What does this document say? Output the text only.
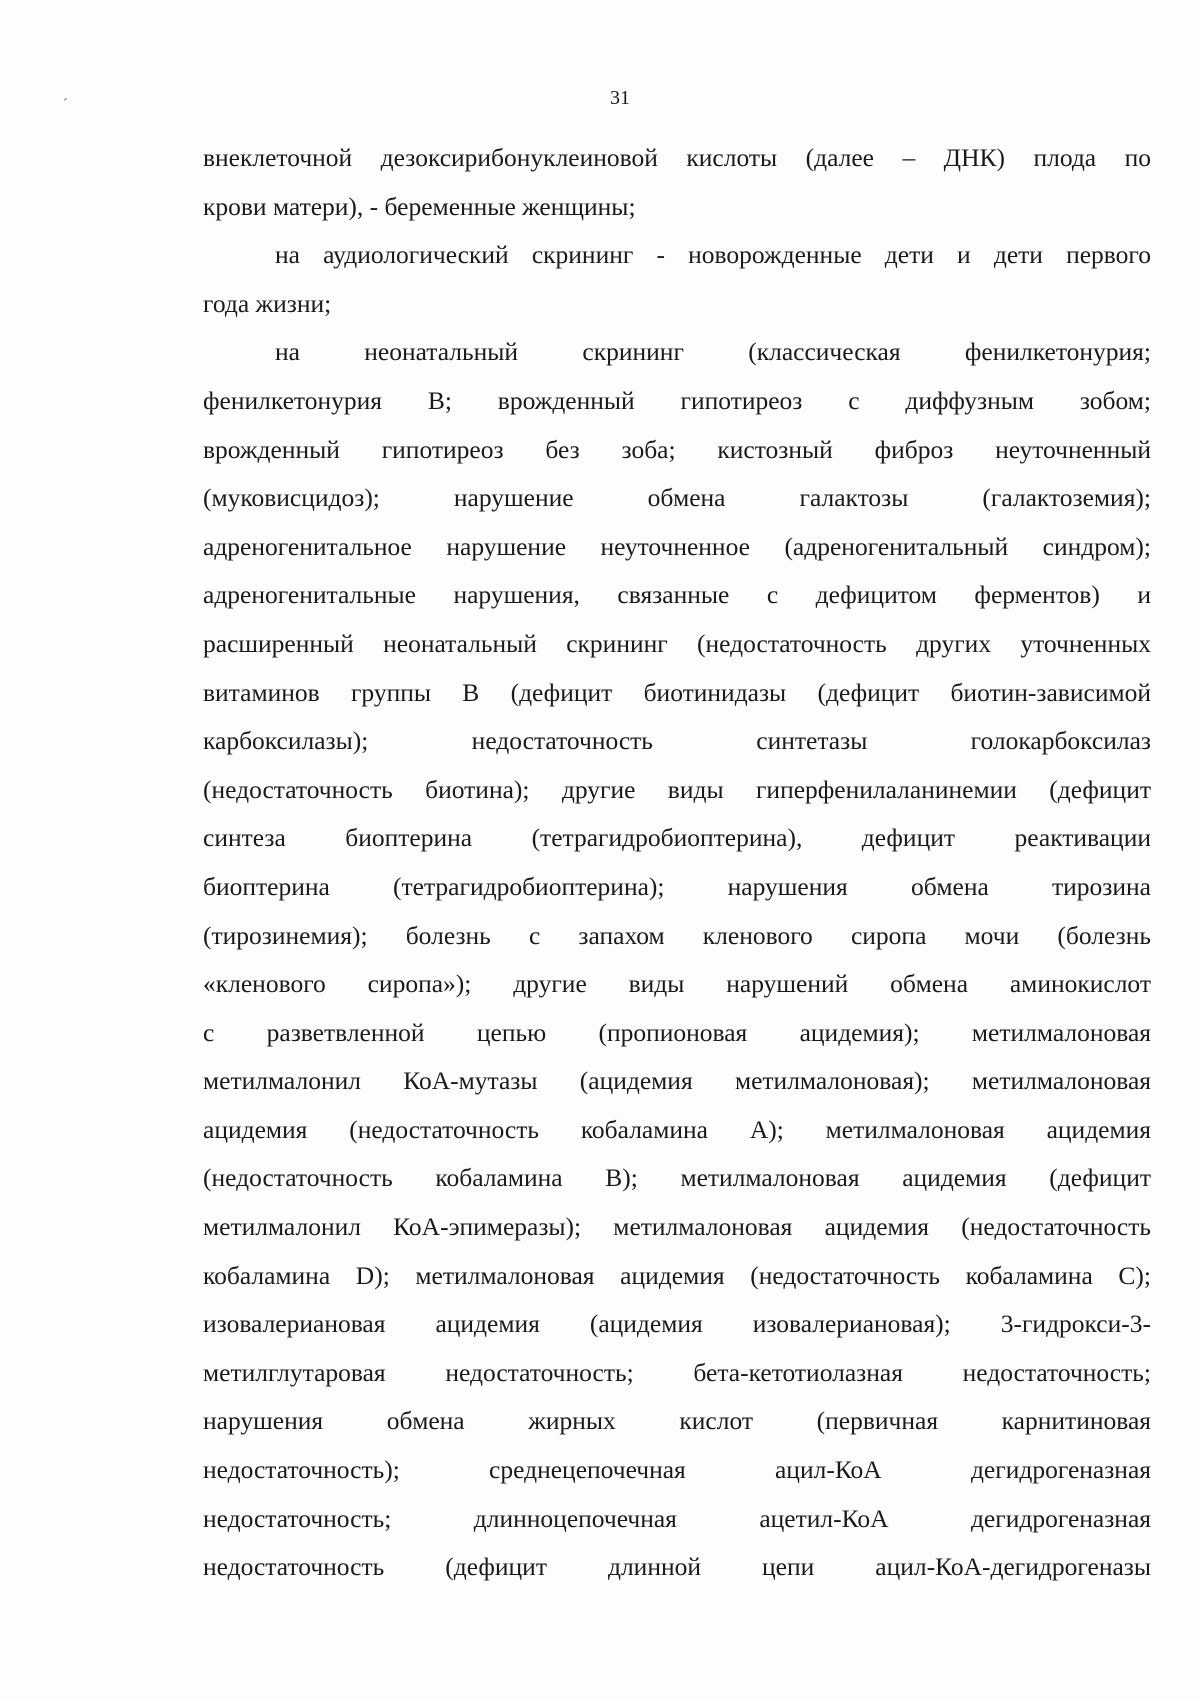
ˊ	31
внеклеточной дезоксирибонуклеиновой кислоты (далее – ДНК) плода по
крови матери), - беременные женщины;
на аудиологический скрининг - новорожденные дети и дети первого
года жизни;
на неонатальный скрининг (классическая фенилкетонурия;
фенилкетонурия В; врожденный гипотиреоз с диффузным зобом;
врожденный гипотиреоз без зоба; кистозный фиброз неуточненный
(муковисцидоз); нарушение обмена галактозы (галактоземия);
адреногенитальное нарушение неуточненное (адреногенитальный синдром);
адреногенитальные нарушения, связанные с дефицитом ферментов) и
расширенный неонатальный скрининг (недостаточность других уточненных
витаминов группы В (дефицит биотинидазы (дефицит биотин-зависимой
карбоксилазы); недостаточность синтетазы голокарбоксилаз
(недостаточность биотина); другие виды гиперфенилаланинемии (дефицит
синтеза биоптерина (тетрагидробиоптерина), дефицит реактивации
биоптерина (тетрагидробиоптерина); нарушения обмена тирозина
(тирозинемия); болезнь с запахом кленового сиропа мочи (болезнь
«кленового сиропа»); другие виды нарушений обмена аминокислот
с разветвленной цепью (пропионовая ацидемия); метилмалоновая
метилмалонил КоА-мутазы (ацидемия метилмалоновая); метилмалоновая
ацидемия (недостаточность кобаламина А); метилмалоновая ацидемия
(недостаточность кобаламина В); метилмалоновая ацидемия (дефицит
метилмалонил КоА-эпимеразы); метилмалоновая ацидемия (недостаточность
кобаламина D); метилмалоновая ацидемия (недостаточность кобаламина С);
изовалериановая ацидемия (ацидемия изовалериановая); 3-гидрокси-3-
метилглутаровая недостаточность; бета-кетотиолазная недостаточность;
нарушения обмена жирных кислот (первичная карнитиновая
недостаточность); среднецепочечная ацил-КоА дегидрогеназная
недостаточность; длинноцепочечная ацетил-КоА дегидрогеназная
недостаточность (дефицит длинной цепи ацил-КоА-дегидрогеназы
